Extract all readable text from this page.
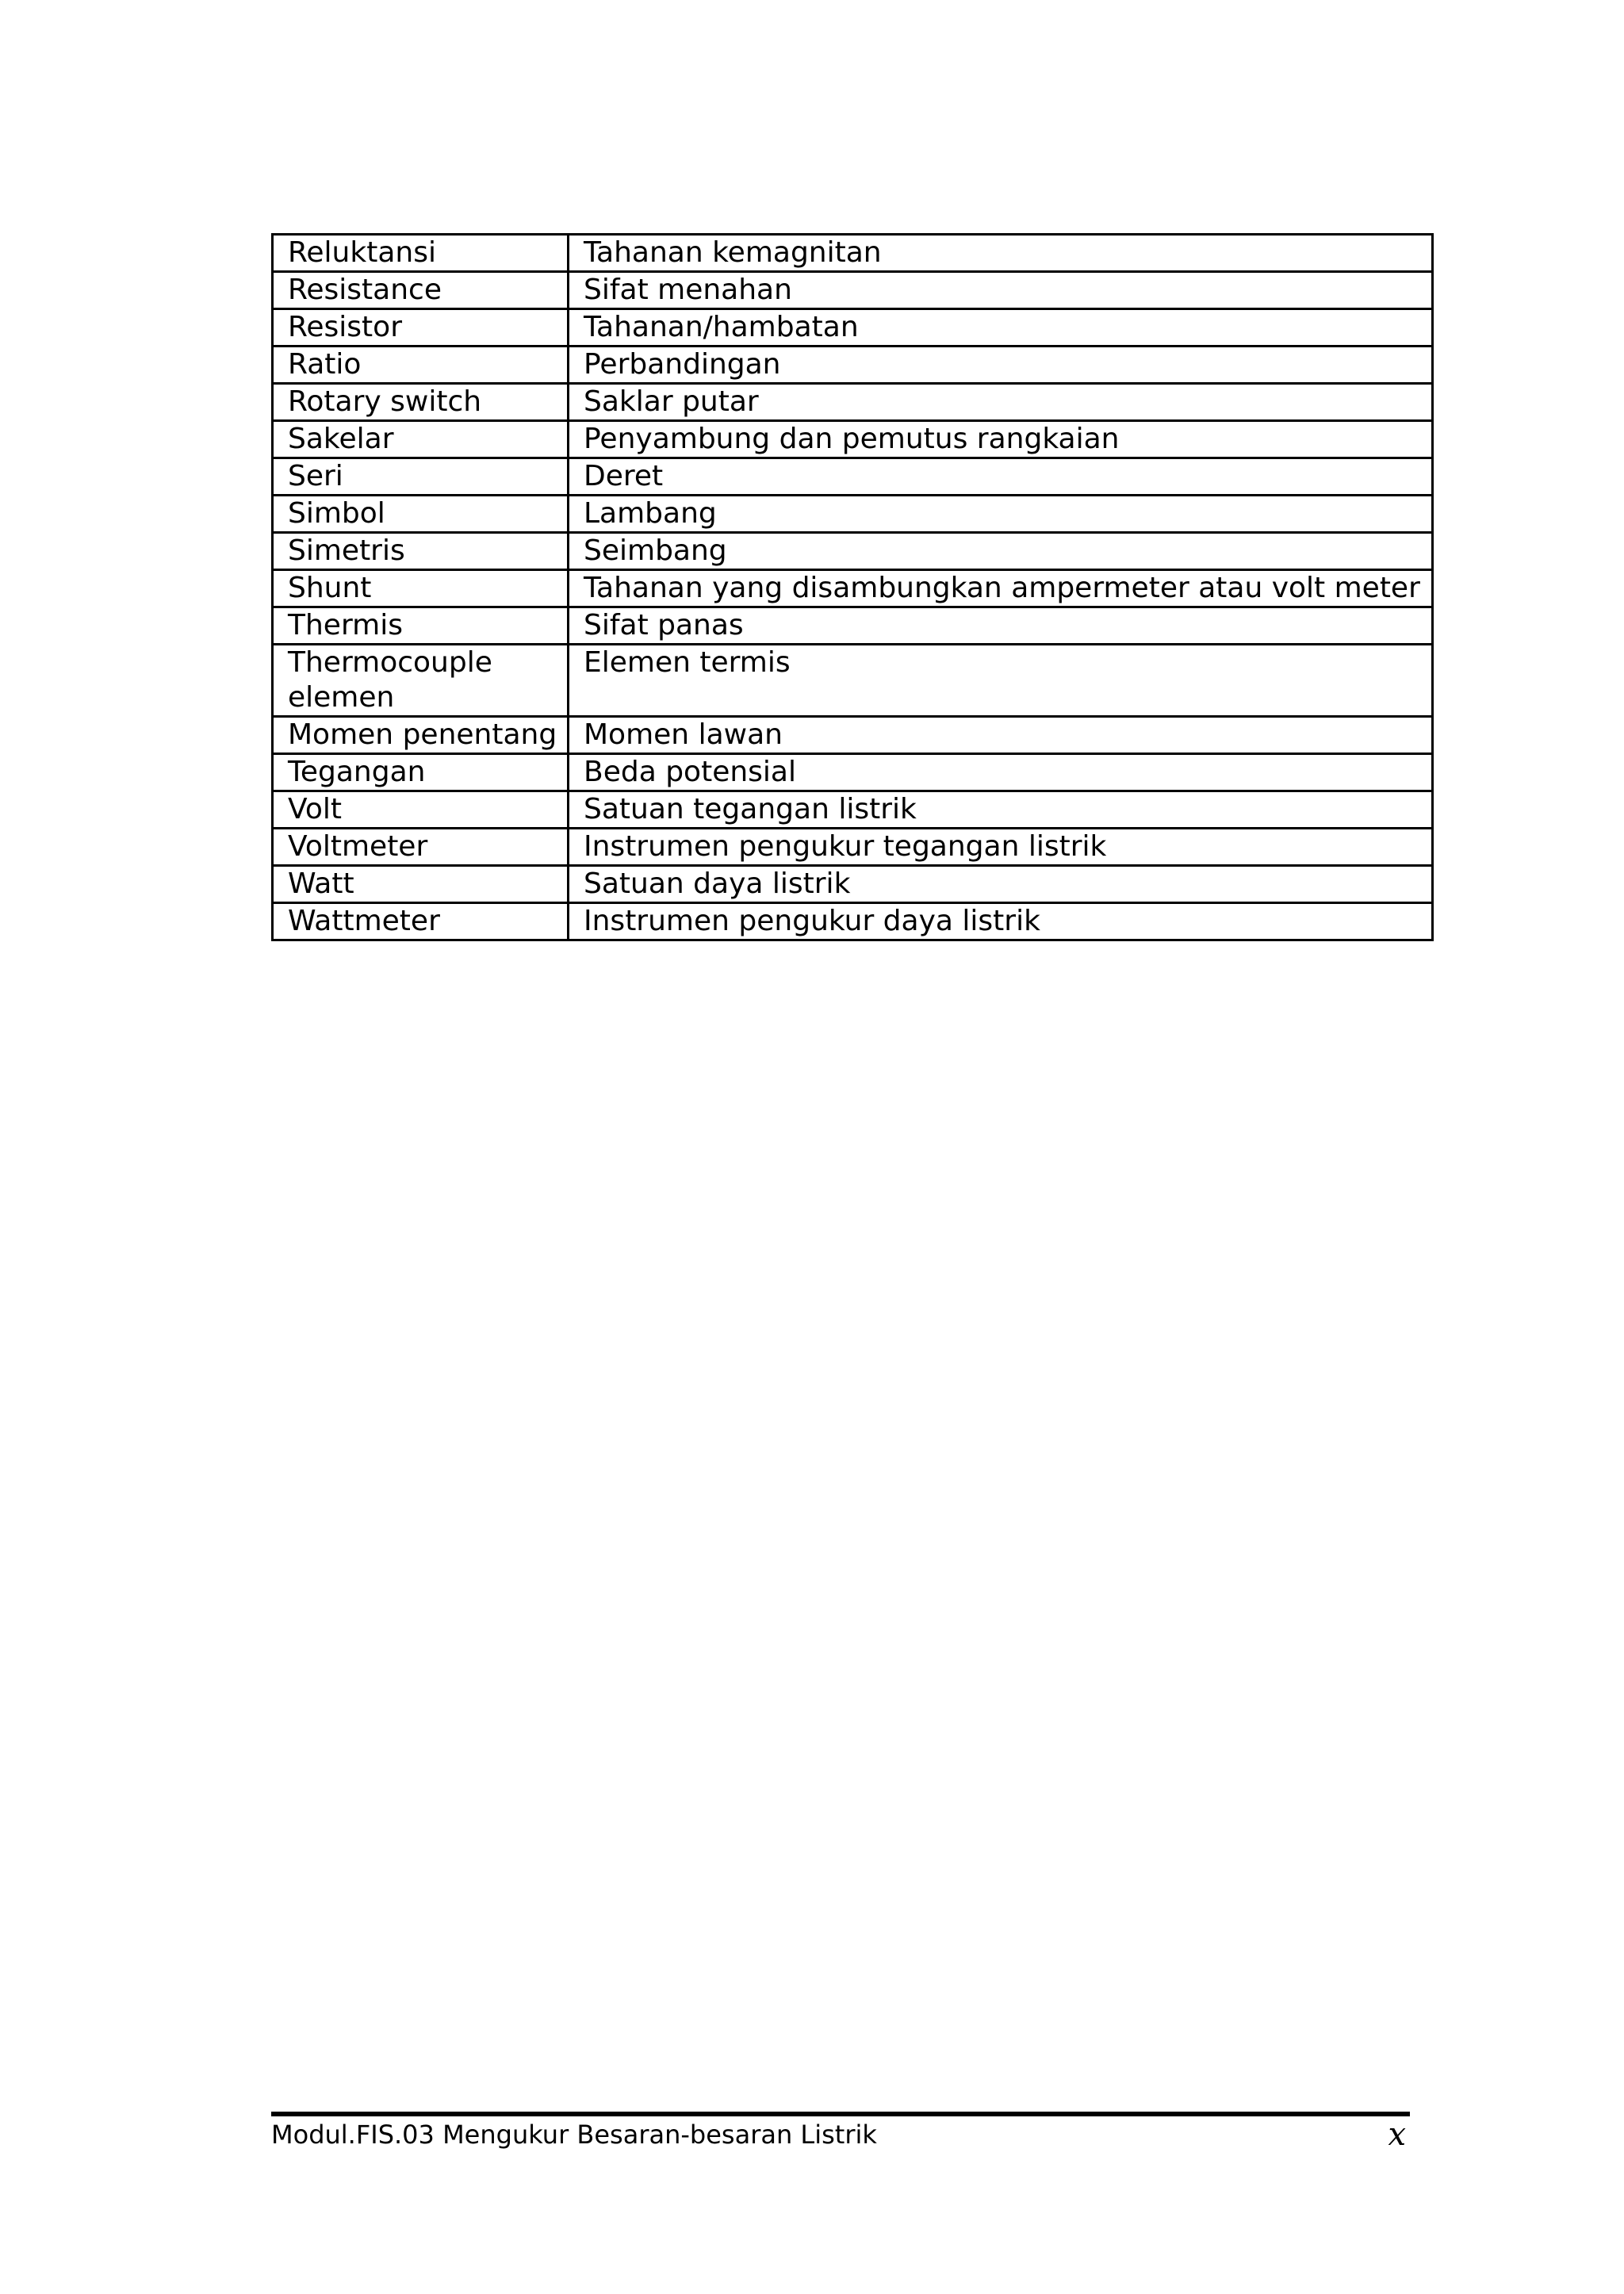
Reluktansi	Tahanan kemagnitan
Resistance	Sifat menahan
Resistor	Tahanan/hambatan
Ratio	Perbandingan
Rotary switch	Saklar putar
Sakelar	Penyambung dan pemutus rangkaian
Seri	Deret
Simbol	Lambang
Simetris	Seimbang
Shunt	Tahanan yang disambungkan ampermeter atau volt meter
Thermis	Sifat panas
Thermocouple elemen	Elemen termis
Momen penentang	Momen lawan
Tegangan	Beda potensial
Volt	Satuan tegangan listrik
Voltmeter	Instrumen pengukur tegangan listrik
Watt	Satuan daya listrik
Wattmeter	Instrumen pengukur daya listrik
Modul.FIS.03 Mengukur Besaran-besaran Listrik	x
